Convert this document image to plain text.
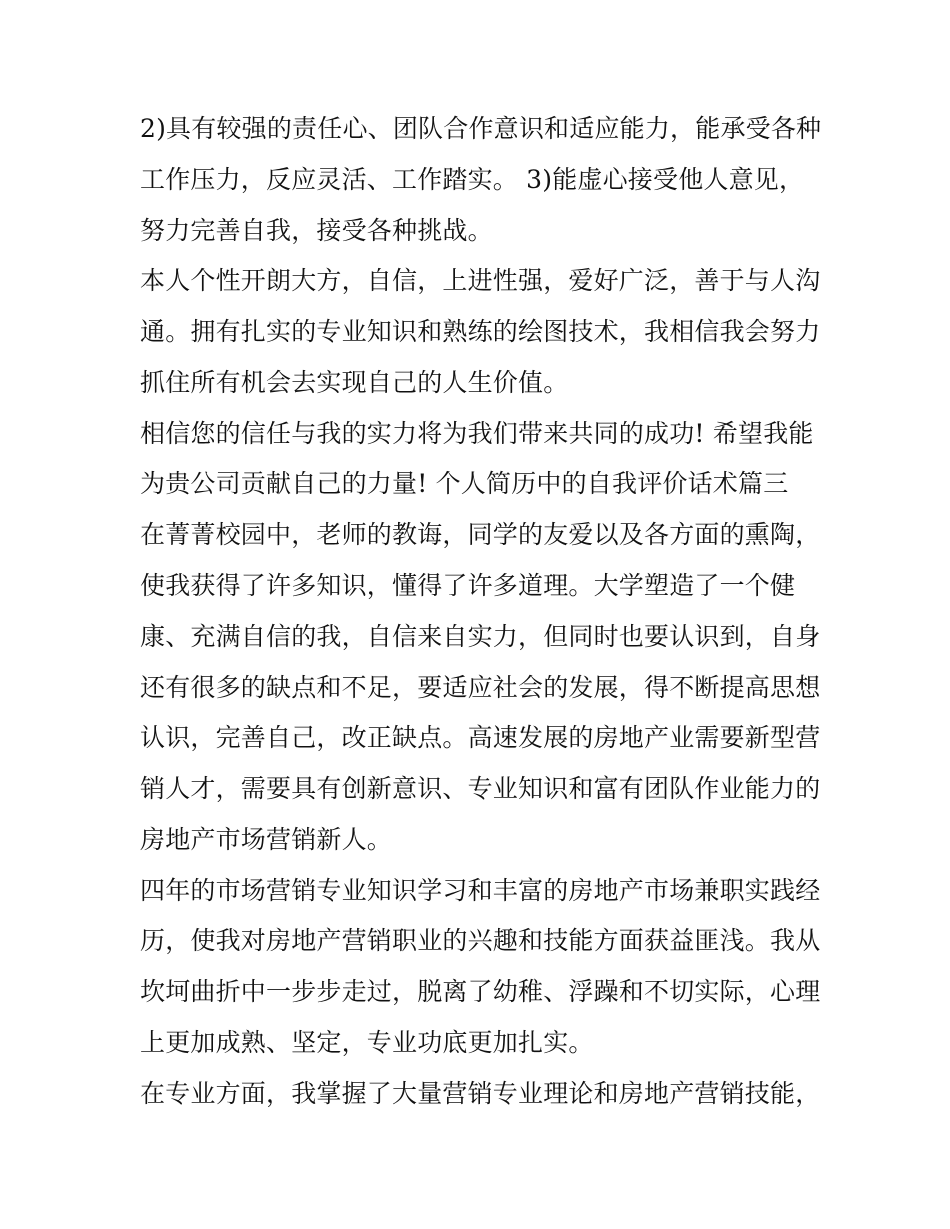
2)具有较强的责任心、团队合作意识和适应能力，能承受各种
工作压力，反应灵活、工作踏实。 3)能虚心接受他人意见，
努力完善自我，接受各种挑战。
本人个性开朗大方，自信，上进性强，爱好广泛，善于与人沟
通。拥有扎实的专业知识和熟练的绘图技术，我相信我会努力
抓住所有机会去实现自己的人生价值。
相信您的信任与我的实力将为我们带来共同的成功! 希望我能
为贵公司贡献自己的力量! 个人简历中的自我评价话术篇三
在菁菁校园中，老师的教诲，同学的友爱以及各方面的熏陶，
使我获得了许多知识，懂得了许多道理。大学塑造了一个健
康、充满自信的我，自信来自实力，但同时也要认识到，自身
还有很多的缺点和不足，要适应社会的发展，得不断提高思想
认识，完善自己，改正缺点。高速发展的房地产业需要新型营
销人才，需要具有创新意识、专业知识和富有团队作业能力的
房地产市场营销新人。
四年的市场营销专业知识学习和丰富的房地产市场兼职实践经
历，使我对房地产营销职业的兴趣和技能方面获益匪浅。我从
坎坷曲折中一步步走过，脱离了幼稚、浮躁和不切实际，心理
上更加成熟、坚定，专业功底更加扎实。
在专业方面，我掌握了大量营销专业理论和房地产营销技能，
